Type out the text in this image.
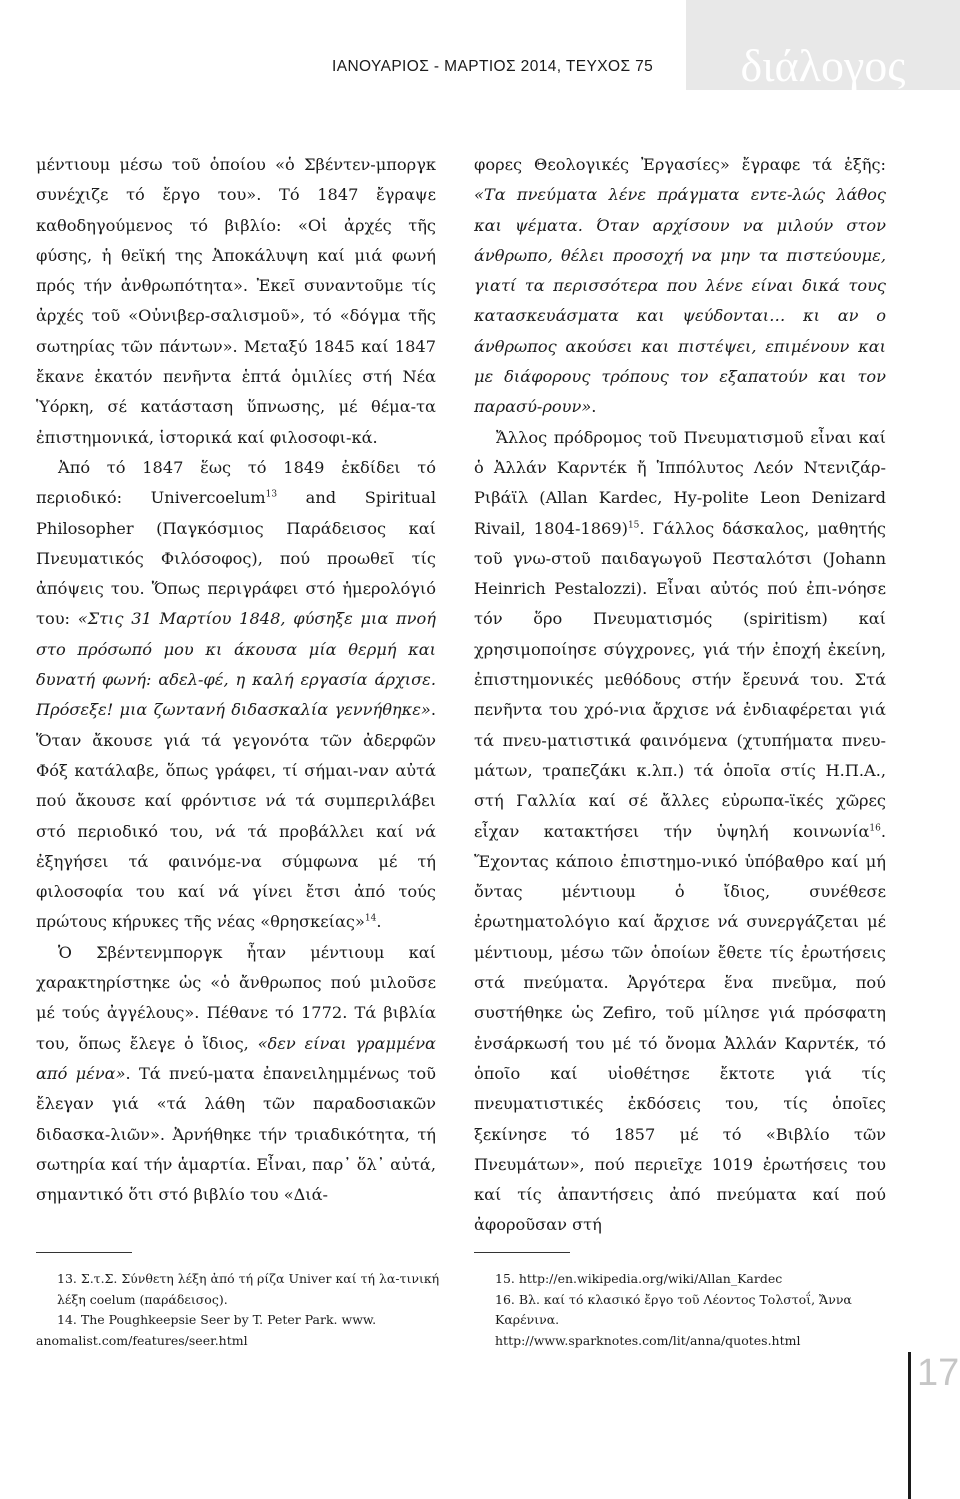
ΙΑΝΟΥΑΡΙΟΣ - ΜΑΡΤΙΟΣ 2014, ΤΕΥΧΟΣ 75	διάλογος

μέντιουμ μέσω τοῦ ὁποίου «ὁ Σβέντεν-μποργκ συνέχιζε τό ἔργο του». Τό 1847 ἔγραψε καθοδηγούμενος τό βιβλίο: «Οἱ ἀρχές τῆς φύσης, ἡ θεϊκή της Ἀποκάλυψη καί μιά φωνή πρός τήν ἀνθρωπότητα». Ἐκεῖ συναντοῦμε τίς ἀρχές τοῦ «Οὐνιβερ-σαλισμοῦ», τό «δόγμα τῆς σωτηρίας τῶν πάντων». Μεταξύ 1845 καί 1847 ἔκανε ἑκατόν πενῆντα ἑπτά ὁμιλίες στή Νέα Ὑόρκη, σέ κατάσταση ὕπνωσης, μέ θέμα-τα ἐπιστημονικά, ἱστορικά καί φιλοσοφι-κά.

Ἀπό τό 1847 ἕως τό 1849 ἐκδίδει τό περιοδικό: Univercoelum$^{13}$ and Spiritual Philosopher (Παγκόσμιος Παράδεισος καί Πνευματικός Φιλόσοφος), πού προωθεῖ τίς ἀπόψεις του. Ὅπως περιγράφει στό ἡμερολόγιό του: «Στις 31 Μαρτίου 1848, φύσηξε μια πνοή στο πρόσωπό μου κι άκουσα μία θερμή και δυνατή φωνή: αδελ-φέ, η καλή εργασία άρχισε. Πρόσεξε! μια ζωντανή διδασκαλία γεννήθηκε». Ὅταν ἄκουσε γιά τά γεγονότα τῶν ἀδερφῶν Φόξ κατάλαβε, ὅπως γράφει, τί σήμαι-ναν αὐτά πού ἄκουσε καί φρόντισε νά τά συμπεριλάβει στό περιοδικό του, νά τά προβάλλει καί νά ἐξηγήσει τά φαινόμε-να σύμφωνα μέ τή φιλοσοφία του καί νά γίνει ἔτσι ἀπό τούς πρώτους κήρυκες τῆς νέας «θρησκείας»$^{14}$.

Ὁ Σβέντενμποργκ ἦταν μέντιουμ καί χαρακτηρίστηκε ὡς «ὁ ἄνθρωπος πού μιλοῦσε μέ τούς ἀγγέλους». Πέθανε τό 1772. Τά βιβλία του, ὅπως ἔλεγε ὁ ἴδιος, «δεν είναι γραμμένα από μένα». Τά πνεύ-ματα ἐπανειλημμένως τοῦ ἔλεγαν γιά «τά λάθη τῶν παραδοσιακῶν διδασκα-λιῶν». Ἀρνήθηκε τήν τριαδικότητα, τή σωτηρία καί τήν ἁμαρτία. Εἶναι, παρ᾽ ὅλ᾽ αὐτά, σημαντικό ὅτι στό βιβλίο του «Διά-

φορες Θεολογικές Ἐργασίες» ἔγραφε τά ἑξῆς: «Τα πνεύματα λένε πράγματα εντε-λώς λάθος και ψέματα. Όταν αρχίσουν να μιλούν στον άνθρωπο, θέλει προσοχή να μην τα πιστεύουμε, γιατί τα περισσότερα που λένε είναι δικά τους κατασκευάσματα και ψεύδονται… κι αν ο άνθρωπος ακούσει και πιστέψει, επιμένουν και με διάφορους τρόπους τον εξαπατούν και τον παρασύ-ρουν».

Ἄλλος πρόδρομος τοῦ Πνευματισμοῦ εἶναι καί ὁ Ἀλλάν Καρντέκ ἤ Ἱππόλυτος Λεόν Ντενιζάρ- Ριβάϊλ (Allan Kardec, Hy-polite Leon Denizard Rivail, 1804-1869)$^{15}$. Γάλλος δάσκαλος, μαθητής τοῦ γνω-στοῦ παιδαγωγοῦ Πεσταλότσι (Johann Heinrich Pestalozzi). Εἶναι αὐτός πού ἐπι-νόησε τόν ὅρο Πνευματισμός (spiritism) καί χρησιμοποίησε σύγχρονες, γιά τήν ἐποχή ἐκείνη, ἐπιστημονικές μεθόδους στήν ἔρευνά του. Στά πενῆντα του χρό-νια ἄρχισε νά ἐνδιαφέρεται γιά τά πνευ-ματιστικά φαινόμενα (χτυπήματα πνευ-μάτων, τραπεζάκι κ.λπ.) τά ὁποῖα στίς Η.Π.Α., στή Γαλλία καί σέ ἄλλες εὐρωπα-ϊκές χῶρες εἶχαν κατακτήσει τήν ὑψηλή κοινωνία$^{16}$. Ἔχοντας κάποιο ἐπιστημο-νικό ὑπόβαθρο καί μή ὄντας μέντιουμ ὁ ἴδιος, συνέθεσε ἐρωτηματολόγιο καί ἄρχισε νά συνεργάζεται μέ μέντιουμ, μέσω τῶν ὁποίων ἔθετε τίς ἐρωτήσεις στά πνεύματα. Ἀργότερα ἕνα πνεῦμα, πού συστήθηκε ὡς Zefiro, τοῦ μίλησε γιά πρόσφατη ἐνσάρκωσή του μέ τό ὄνομα Ἀλλάν Καρντέκ, τό ὁποῖο καί υἱοθέτησε ἔκτοτε γιά τίς πνευματιστικές ἐκδόσεις του, τίς ὁποῖες ξεκίνησε τό 1857 μέ τό «Βιβλίο τῶν Πνευμάτων», πού περιεῖχε 1019 ἐρωτήσεις του καί τίς ἀπαντήσεις ἀπό πνεύματα καί πού ἀφοροῦσαν στή

13. Σ.τ.Σ. Σύνθετη λέξη ἀπό τή ρίζα Univer καί τή λα-τινική λέξη coelum (παράδεισος).

14. The Poughkeepsie Seer by T. Peter Park. www.

anomalist.com/features/seer.html

15. http://en.wikipedia.org/wiki/Allan_Kardec

16. Βλ. καί τό κλασικό ἔργο τοῦ Λέοντος Τολστοΐ, Ἄννα Καρένινα.

http://www.sparknotes.com/lit/anna/quotes.html

17
